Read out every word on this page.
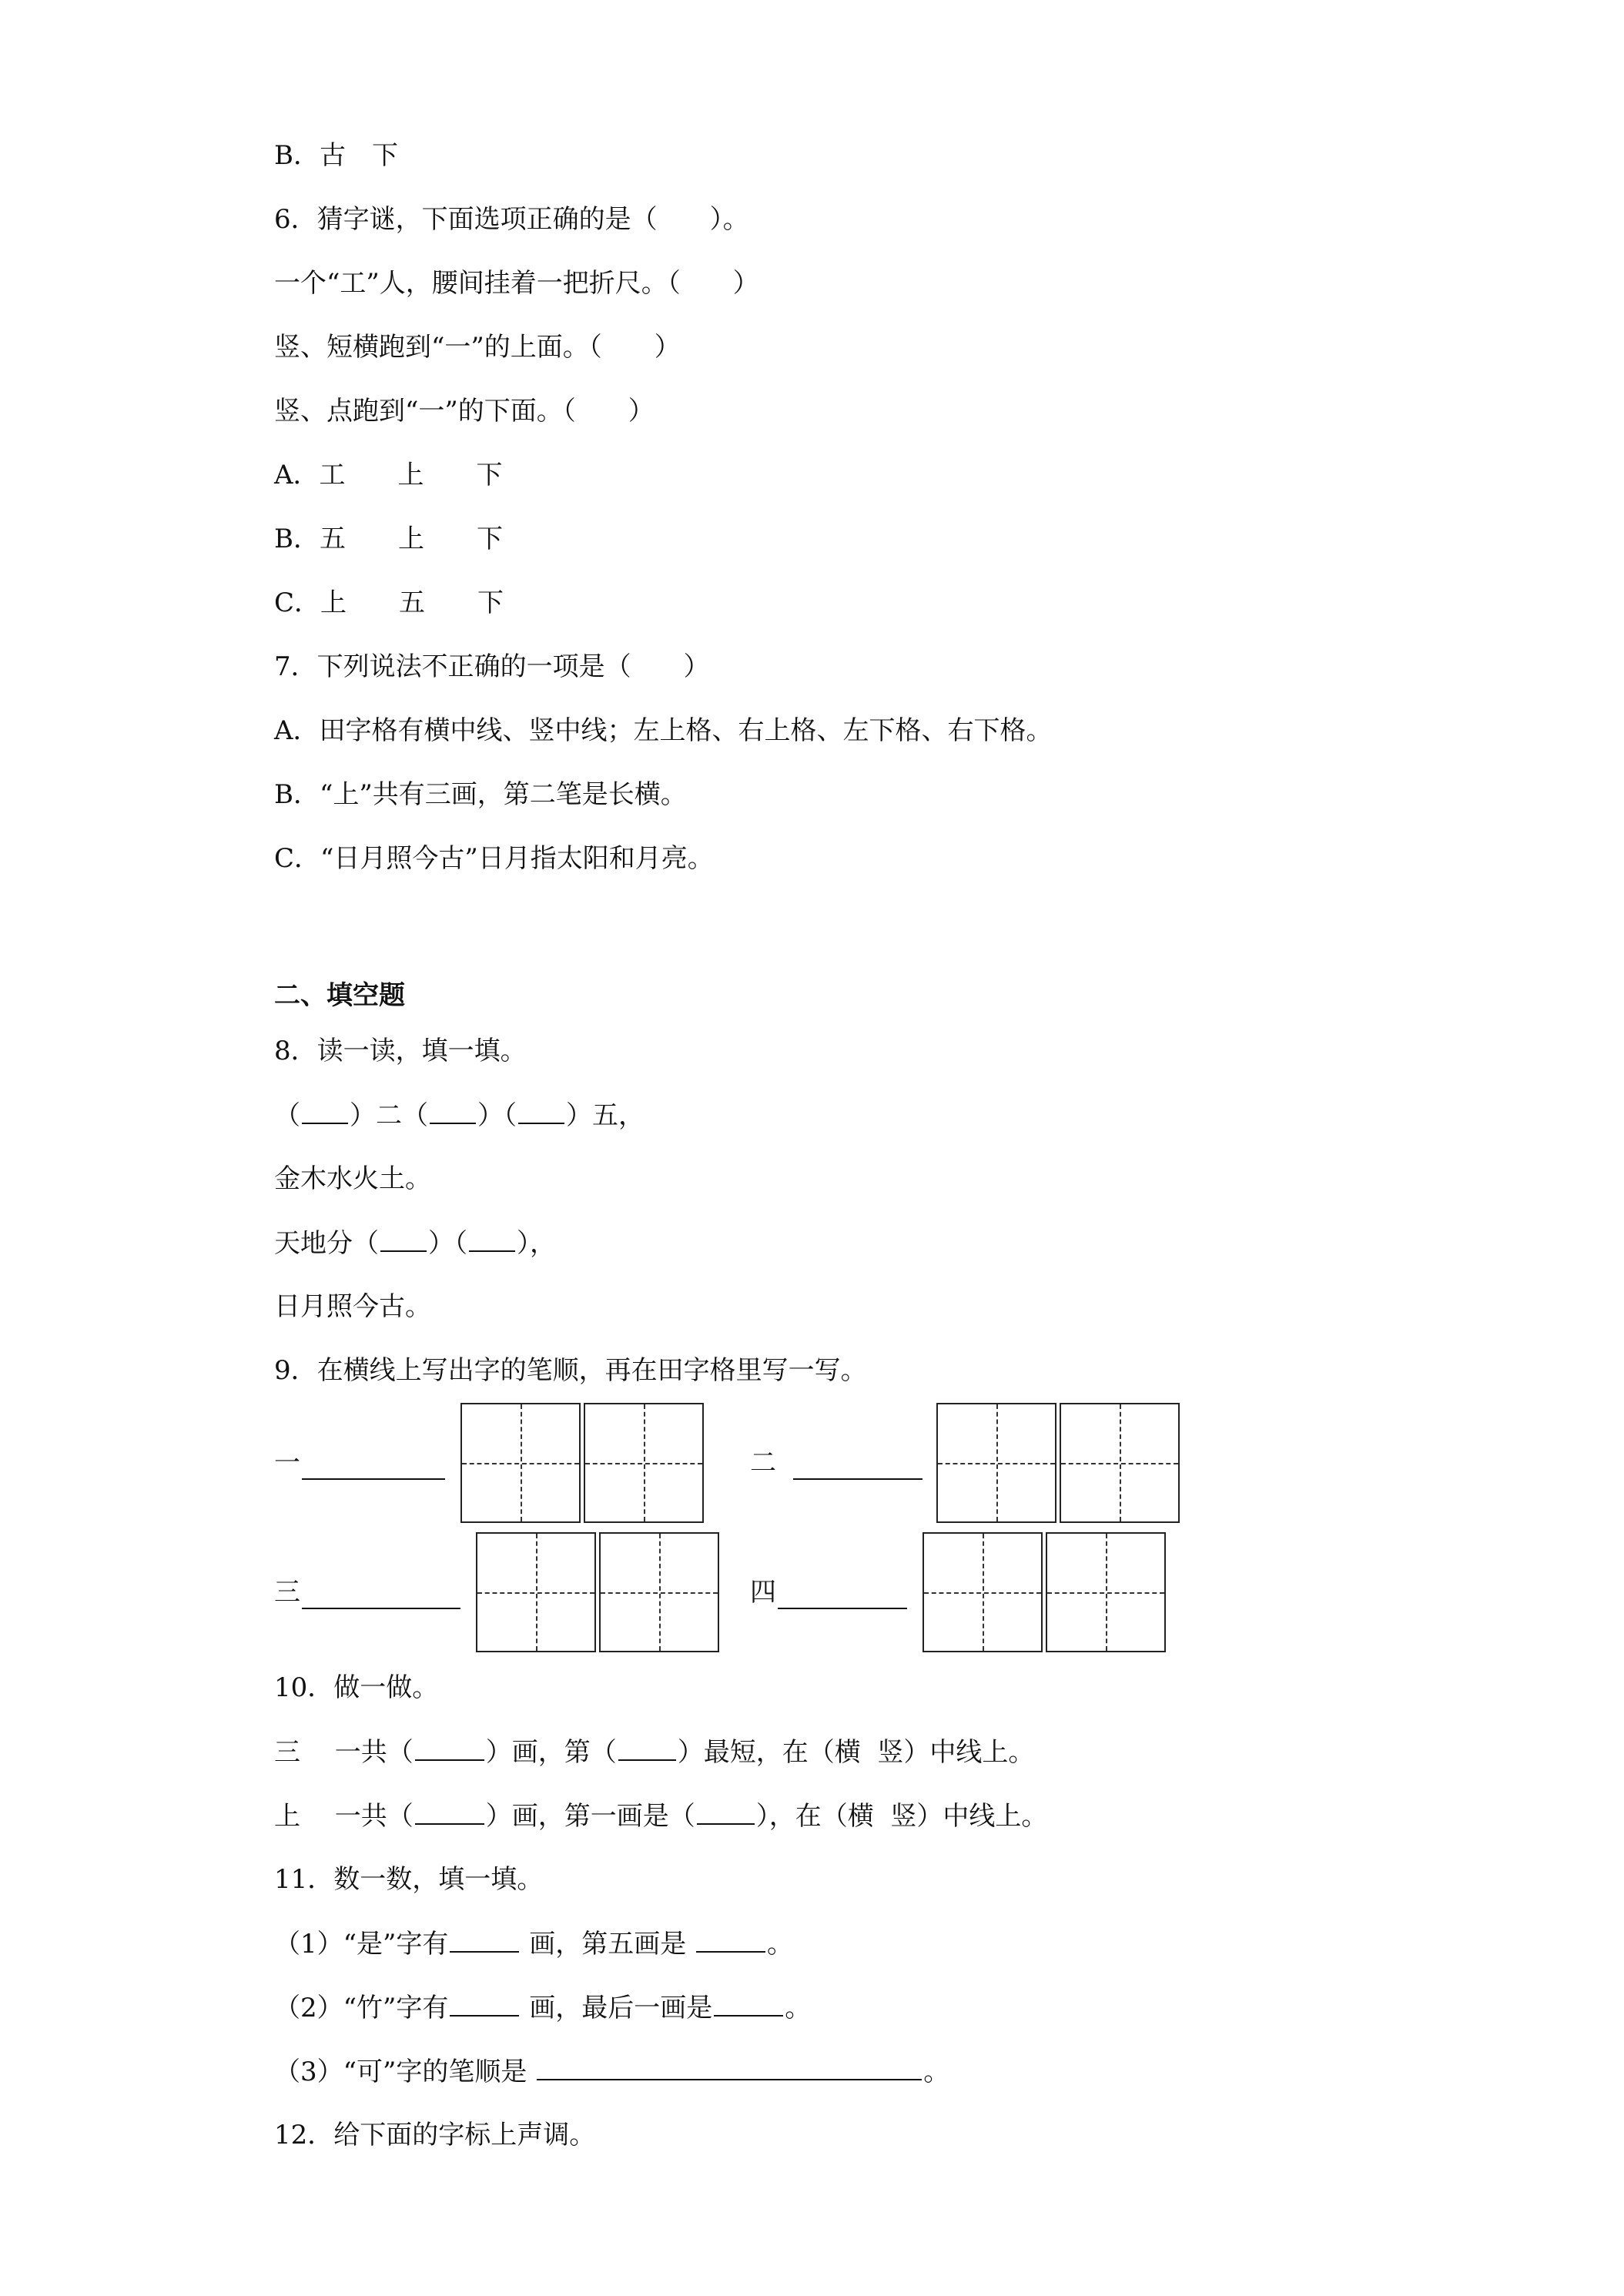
B．古　下
6．猜字谜，下面选项正确的是（　　）。
一个“工”人，腰间挂着一把折尺。（　　）
竖、短横跑到“一”的上面。（　　）
竖、点跑到“一”的下面。（　　）
A．工　　上　　下
B．五　　上　　下
C．上　　五　　下
7．下列说法不正确的一项是（　　）
A．田字格有横中线、竖中线；左上格、右上格、左下格、右下格。
B．“上”共有三画，第二笔是长横。
C．“日月照今古”日月指太阳和月亮。
二、填空题
8．读一读，填一填。
（ ）二（ ）（ ）五，
金木水火土。
天地分（ ）（ ），
日月照今古。
9．在横线上写出字的笔顺，再在田字格里写一写。
一	二
三	四
10．做一做。
三　 一共（	）画，第（ ）最短，在（横  竖）中线上。
上　 一共（	）画，第一画是（ ），在（横  竖）中线上。
11．数一数，填一填。
（1）“是”字有	画，第五画是	。
（2）“竹”字有	画，最后一画是	。
（3）“可”字的笔顺是	。
12．给下面的字标上声调。
